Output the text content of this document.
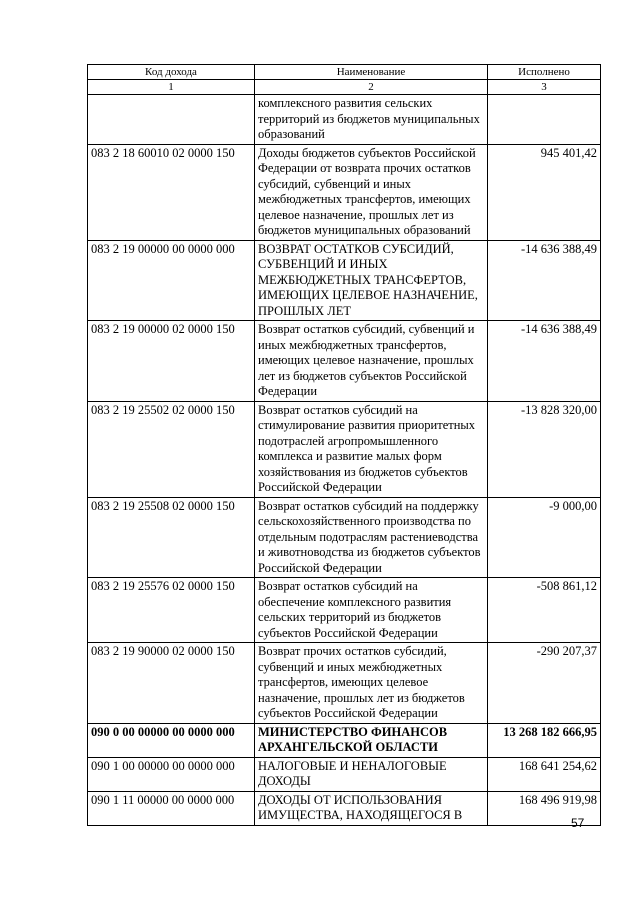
Код дохода	Наименование	Исполнено
1	2	3
	комплексного развития сельских территорий из бюджетов муниципальных образований	
083 2 18 60010 02 0000 150	Доходы бюджетов субъектов Российской Федерации от возврата прочих остатков субсидий, субвенций и иных межбюджетных трансфертов, имеющих целевое назначение, прошлых лет из бюджетов муниципальных образований	945 401,42
083 2 19 00000 00 0000 000	ВОЗВРАТ ОСТАТКОВ СУБСИДИЙ, СУБВЕНЦИЙ И ИНЫХ МЕЖБЮДЖЕТНЫХ ТРАНСФЕРТОВ, ИМЕЮЩИХ ЦЕЛЕВОЕ НАЗНАЧЕНИЕ, ПРОШЛЫХ ЛЕТ	-14 636 388,49
083 2 19 00000 02 0000 150	Возврат остатков субсидий, субвенций и иных межбюджетных трансфертов, имеющих целевое назначение, прошлых лет из бюджетов субъектов Российской Федерации	-14 636 388,49
083 2 19 25502 02 0000 150	Возврат остатков субсидий на стимулирование развития приоритетных подотраслей агропромышленного комплекса и развитие малых форм хозяйствования из бюджетов субъектов Российской Федерации	-13 828 320,00
083 2 19 25508 02 0000 150	Возврат остатков субсидий на поддержку сельскохозяйственного производства по отдельным подотраслям растениеводства и животноводства из бюджетов субъектов Российской Федерации	-9 000,00
083 2 19 25576 02 0000 150	Возврат остатков субсидий на обеспечение комплексного развития сельских территорий из бюджетов субъектов Российской Федерации	-508 861,12
083 2 19 90000 02 0000 150	Возврат прочих остатков субсидий, субвенций и иных межбюджетных трансфертов, имеющих целевое назначение, прошлых лет из бюджетов субъектов Российской Федерации	-290 207,37
090 0 00 00000 00 0000 000	МИНИСТЕРСТВО ФИНАНСОВ АРХАНГЕЛЬСКОЙ ОБЛАСТИ	13 268 182 666,95
090 1 00 00000 00 0000 000	НАЛОГОВЫЕ И НЕНАЛОГОВЫЕ ДОХОДЫ	168 641 254,62
090 1 11 00000 00 0000 000	ДОХОДЫ ОТ ИСПОЛЬЗОВАНИЯ ИМУЩЕСТВА, НАХОДЯЩЕГОСЯ В	168 496 919,98
57
